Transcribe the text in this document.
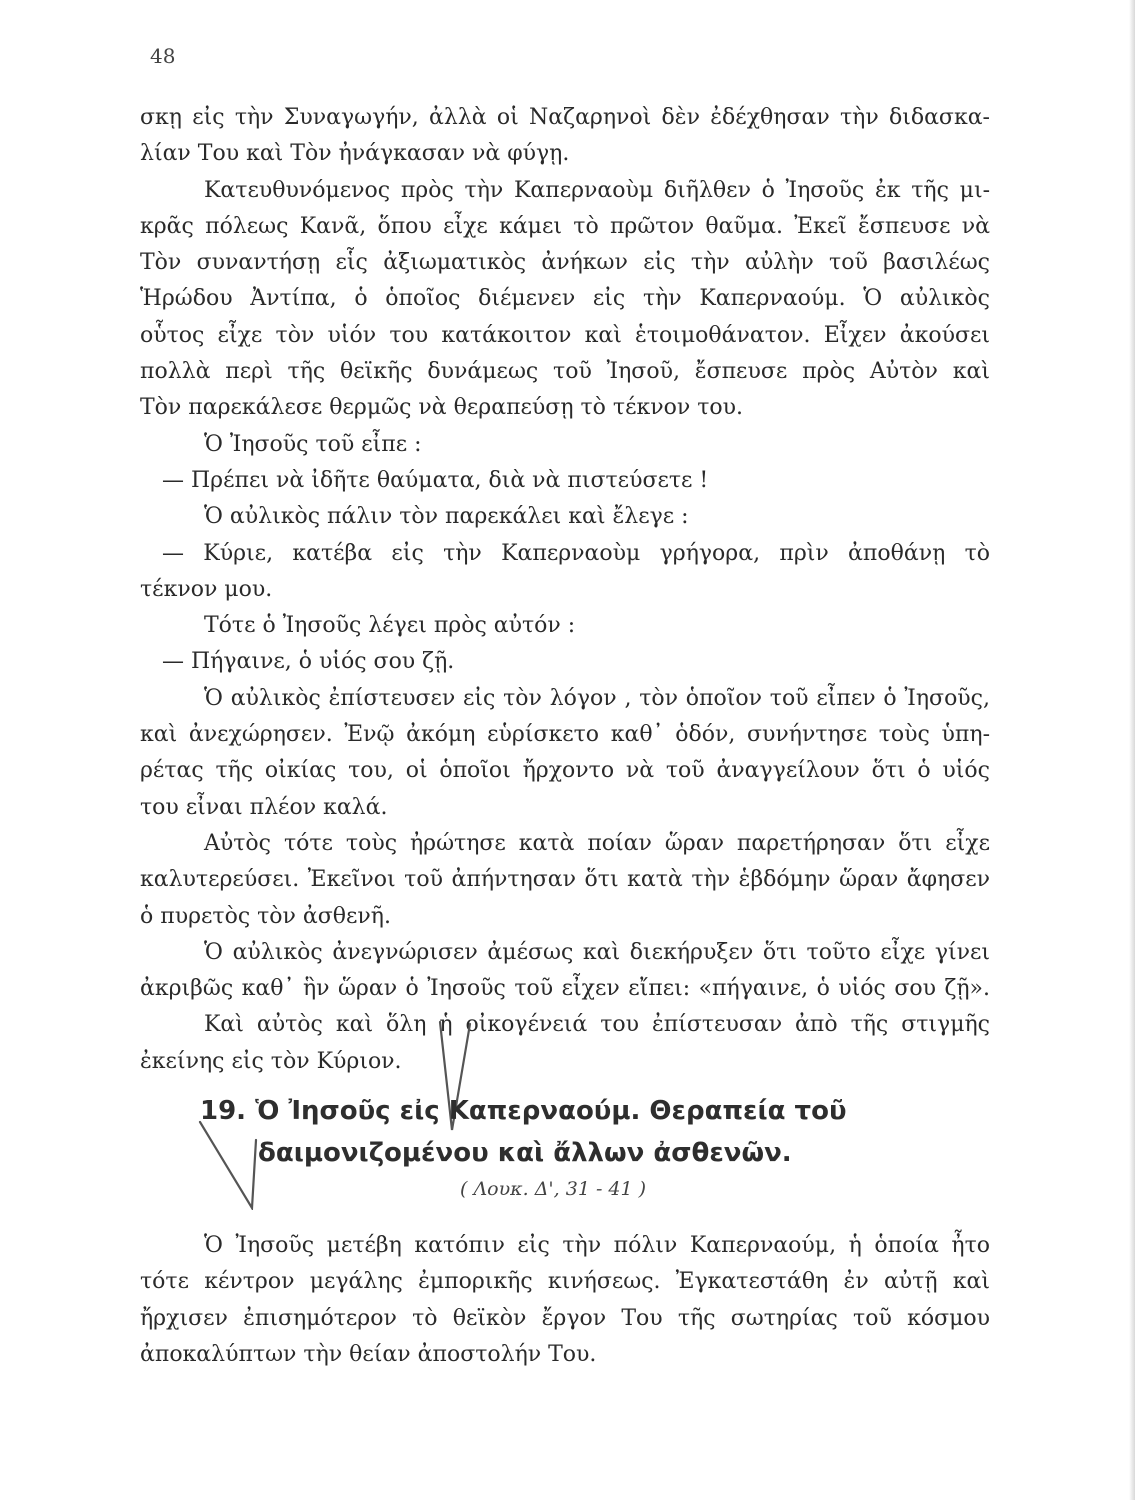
48
σκῃ εἰς τὴν Συναγωγήν, ἀλλὰ οἱ Ναζαρηνοὶ δὲν ἐδέχθησαν τὴν διδασκα-
λίαν Του καὶ Τὸν ἠνάγκασαν νὰ φύγῃ.
Κατευθυνόμενος πρὸς τὴν Καπερναοὺμ διῆλθεν ὁ Ἰησοῦς ἐκ τῆς μι-
κρᾶς πόλεως Κανᾶ, ὅπου εἶχε κάμει τὸ πρῶτον θαῦμα. Ἐκεῖ ἔσπευσε νὰ
Τὸν συναντήσῃ εἷς ἀξιωματικὸς ἀνήκων εἰς τὴν αὐλὴν τοῦ βασιλέως
Ἡρώδου Ἀντίπα, ὁ ὁποῖος διέμενεν εἰς τὴν Καπερναούμ. Ὁ αὐλικὸς
οὗτος εἶχε τὸν υἱόν του κατάκοιτον καὶ ἑτοιμοθάνατον. Εἶχεν ἀκούσει
πολλὰ περὶ τῆς θεϊκῆς δυνάμεως τοῦ Ἰησοῦ, ἔσπευσε πρὸς Αὐτὸν καὶ
Τὸν παρεκάλεσε θερμῶς νὰ θεραπεύσῃ τὸ τέκνον του.
Ὁ Ἰησοῦς τοῦ εἶπε :
— Πρέπει νὰ ἰδῆτε θαύματα, διὰ νὰ πιστεύσετε !
Ὁ αὐλικὸς πάλιν τὸν παρεκάλει καὶ ἔλεγε :
— Κύριε, κατέβα εἰς τὴν Καπερναοὺμ γρήγορα, πρὶν ἀποθάνῃ τὸ
τέκνον μου.
Τότε ὁ Ἰησοῦς λέγει πρὸς αὐτόν :
— Πήγαινε, ὁ υἱός σου ζῇ.
Ὁ αὐλικὸς ἐπίστευσεν εἰς τὸν λόγον , τὸν ὁποῖον τοῦ εἶπεν ὁ Ἰησοῦς,
καὶ ἀνεχώρησεν. Ἐνῷ ἀκόμη εὑρίσκετο καθ᾽ ὁδόν, συνήντησε τοὺς ὑπη-
ρέτας τῆς οἰκίας του, οἱ ὁποῖοι ἤρχοντο νὰ τοῦ ἀναγγείλουν ὅτι ὁ υἱός
του εἶναι πλέον καλά.
Αὐτὸς τότε τοὺς ἠρώτησε κατὰ ποίαν ὥραν παρετήρησαν ὅτι εἶχε
καλυτερεύσει. Ἐκεῖνοι τοῦ ἀπήντησαν ὅτι κατὰ τὴν ἑβδόμην ὥραν ἄφησεν
ὁ πυρετὸς τὸν ἀσθενῆ.
Ὁ αὐλικὸς ἀνεγνώρισεν ἀμέσως καὶ διεκήρυξεν ὅτι τοῦτο εἶχε γίνει
ἀκριβῶς καθ᾽ ἣν ὥραν ὁ Ἰησοῦς τοῦ εἶχεν εἴπει: «πήγαινε, ὁ υἱός σου ζῇ».
Καὶ αὐτὸς καὶ ὅλη ἡ οἰκογένειά του ἐπίστευσαν ἀπὸ τῆς στιγμῆς
ἐκείνης εἰς τὸν Κύριον.
19. Ὁ Ἰησοῦς εἰς Καπερναούμ. Θεραπεία τοῦ
δαιμονιζομένου καὶ ἄλλων ἀσθενῶν.
( Λουκ. Δ', 31 - 41 )
Ὁ Ἰησοῦς μετέβη κατόπιν εἰς τὴν πόλιν Καπερναούμ, ἡ ὁποία ἦτο
τότε κέντρον μεγάλης ἐμπορικῆς κινήσεως. Ἐγκατεστάθη ἐν αὐτῇ καὶ
ἤρχισεν ἐπισημότερον τὸ θεϊκὸν ἔργον Του τῆς σωτηρίας τοῦ κόσμου
ἀποκαλύπτων τὴν θείαν ἀποστολήν Του.
